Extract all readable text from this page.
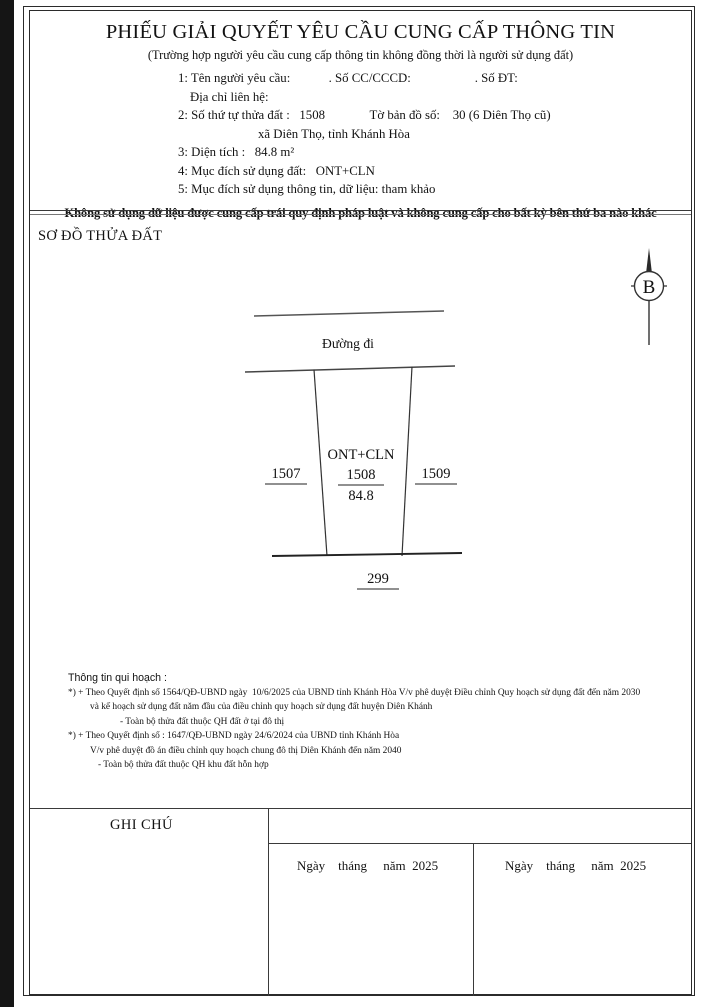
PHIẾU GIẢI QUYẾT YÊU CẦU CUNG CẤP THÔNG TIN
(Trường hợp người yêu cầu cung cấp thông tin không đồng thời là người sử dụng đất)
1: Tên người yêu cầu:            . Số CC/CCCD:                    . Số ĐT:
Địa chỉ liên hệ:
2: Số thứ tự thửa đất :   1508              Tờ bản đồ số:    30 (6 Diên Thọ cũ)
xã Diên Thọ, tỉnh Khánh Hòa
3: Diện tích :   84.8 m²
4: Mục đích sử dụng đất:   ONT+CLN
5: Mục đích sử dụng thông tin, dữ liệu: tham khảo
Không sử dụng dữ liệu được cung cấp trái quy định pháp luật và không cung cấp cho bất kỳ bên thứ ba nào khác
SƠ ĐỒ THỬA ĐẤT
B
Đường đi
1507
ONT+CLN
1508
84.8
1509
299
Thông tin qui hoạch :
*) + Theo Quyết định số 1564/QĐ-UBND ngày  10/6/2025 của UBND tỉnh Khánh Hòa V/v phê duyệt Điều chỉnh Quy hoạch sử dụng đất đến năm 2030
và kế hoạch sử dụng đất năm đầu của điều chỉnh quy hoạch sử dụng đất huyện Diên Khánh
- Toàn bộ thửa đất thuộc QH đất ở tại đô thị
*) + Theo Quyết định số : 1647/QĐ-UBND ngày 24/6/2024 của UBND tỉnh Khánh Hòa
V/v phê duyệt đồ án điều chỉnh quy hoạch chung đô thị Diên Khánh đến năm 2040
- Toàn bộ thửa đất thuộc QH khu đất hỗn hợp
GHI CHÚ
Ngày    tháng     năm  2025	Ngày    tháng     năm  2025
